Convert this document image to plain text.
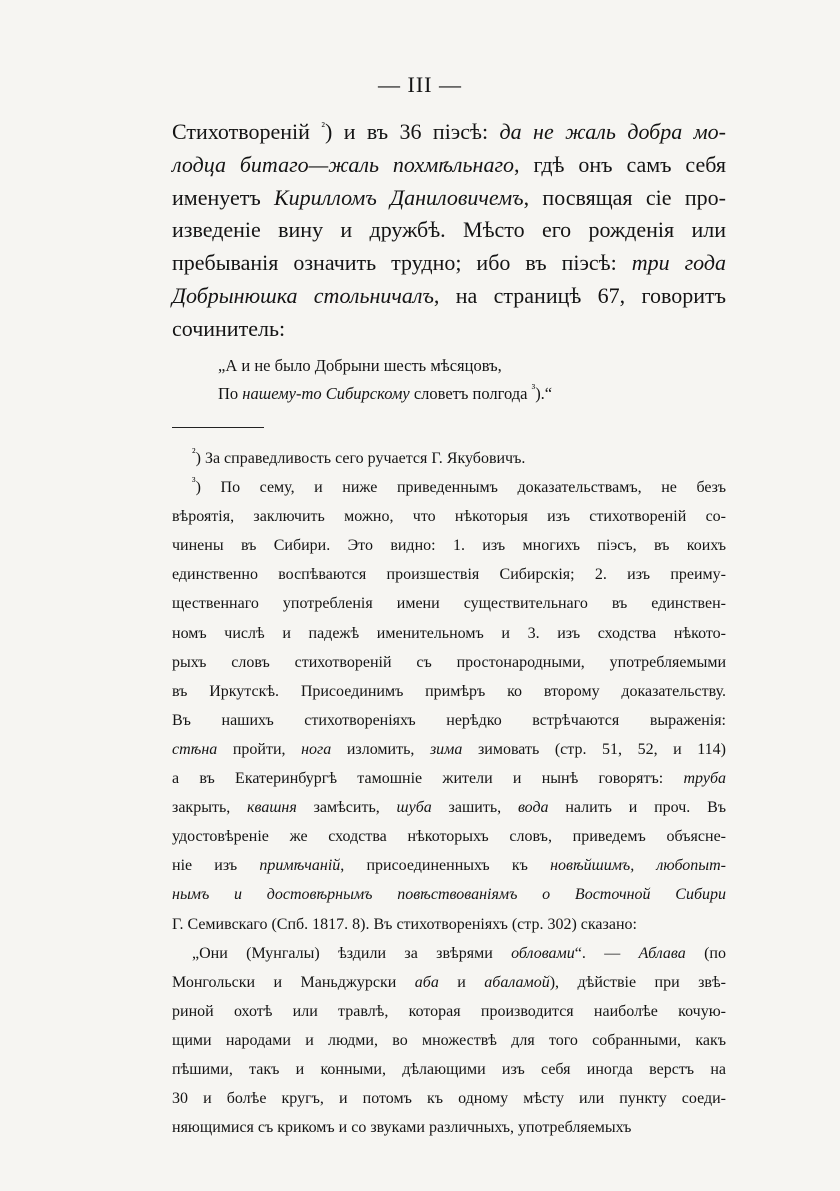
— III —

Стихотвореній $^{^2}$) и въ 36 піэсѣ: да не жаль добра мо-

лодца битаго—жаль похмѣльнаго, гдѣ онъ самъ себя

именуетъ Кирилломъ Даниловичемъ, посвящая сіе про-

изведеніе вину и дружбѣ. Мѣсто его рожденія или

пребыванія означить трудно; ибо въ піэсѣ: три года

Добрынюшка стольничалъ, на страницѣ 67, говоритъ

сочинитель:

„А и не было Добрыни шесть мѣсяцовъ,
По нашему-то Сибирскому словетъ полгода $^{^3}$).“

$^{^2}$) За справедливость сего ручается Г. Якубовичъ.

$^{^3}$) По сему, и ниже приведеннымъ доказательствамъ, не безъ

вѣроятія, заключить можно, что нѣкоторыя изъ стихотвореній со-

чинены въ Сибири. Это видно: 1. изъ многихъ піэсъ, въ коихъ

единственно воспѣваются произшествія Сибирскія; 2. изъ преиму-

щественнаго употребленія имени существительнаго въ единствен-

номъ числѣ и падежѣ именительномъ и 3. изъ сходства нѣкото-

рыхъ словъ стихотвореній съ простонародными, употребляемыми

въ Иркутскѣ. Присоединимъ примѣръ ко второму доказательству.

Въ нашихъ стихотвореніяхъ нерѣдко встрѣчаются выраженія:

стѣна пройти, нога изломить, зима зимовать (стр. 51, 52, и 114)

а въ Екатеринбургѣ тамошніе жители и нынѣ говорятъ: труба

закрыть, квашня замѣсить, шуба зашить, вода налить и проч. Въ

удостовѣреніе же сходства нѣкоторыхъ словъ, приведемъ объясне-

ніе изъ примѣчаній, присоединенныхъ къ новѣйшимъ, любопыт-

нымъ и достовѣрнымъ повѣствованіямъ о Восточной Сибири

Г. Семивскаго (Спб. 1817. 8). Въ стихотвореніяхъ (стр. 302) сказано:

„Они (Мунгалы) ѣздили за звѣрями обловами“. — Аблава (по

Монгольски и Маньджурски аба и абаламой), дѣйствіе при звѣ-

риной охотѣ или травлѣ, которая производится наиболѣе кочую-

щими народами и людми, во множествѣ для того собранными, какъ

пѣшими, такъ и конными, дѣлающими изъ себя иногда верстъ на

30 и болѣе кругъ, и потомъ къ одному мѣсту или пункту соеди-

няющимися съ крикомъ и со звуками различныхъ, употребляемыхъ
